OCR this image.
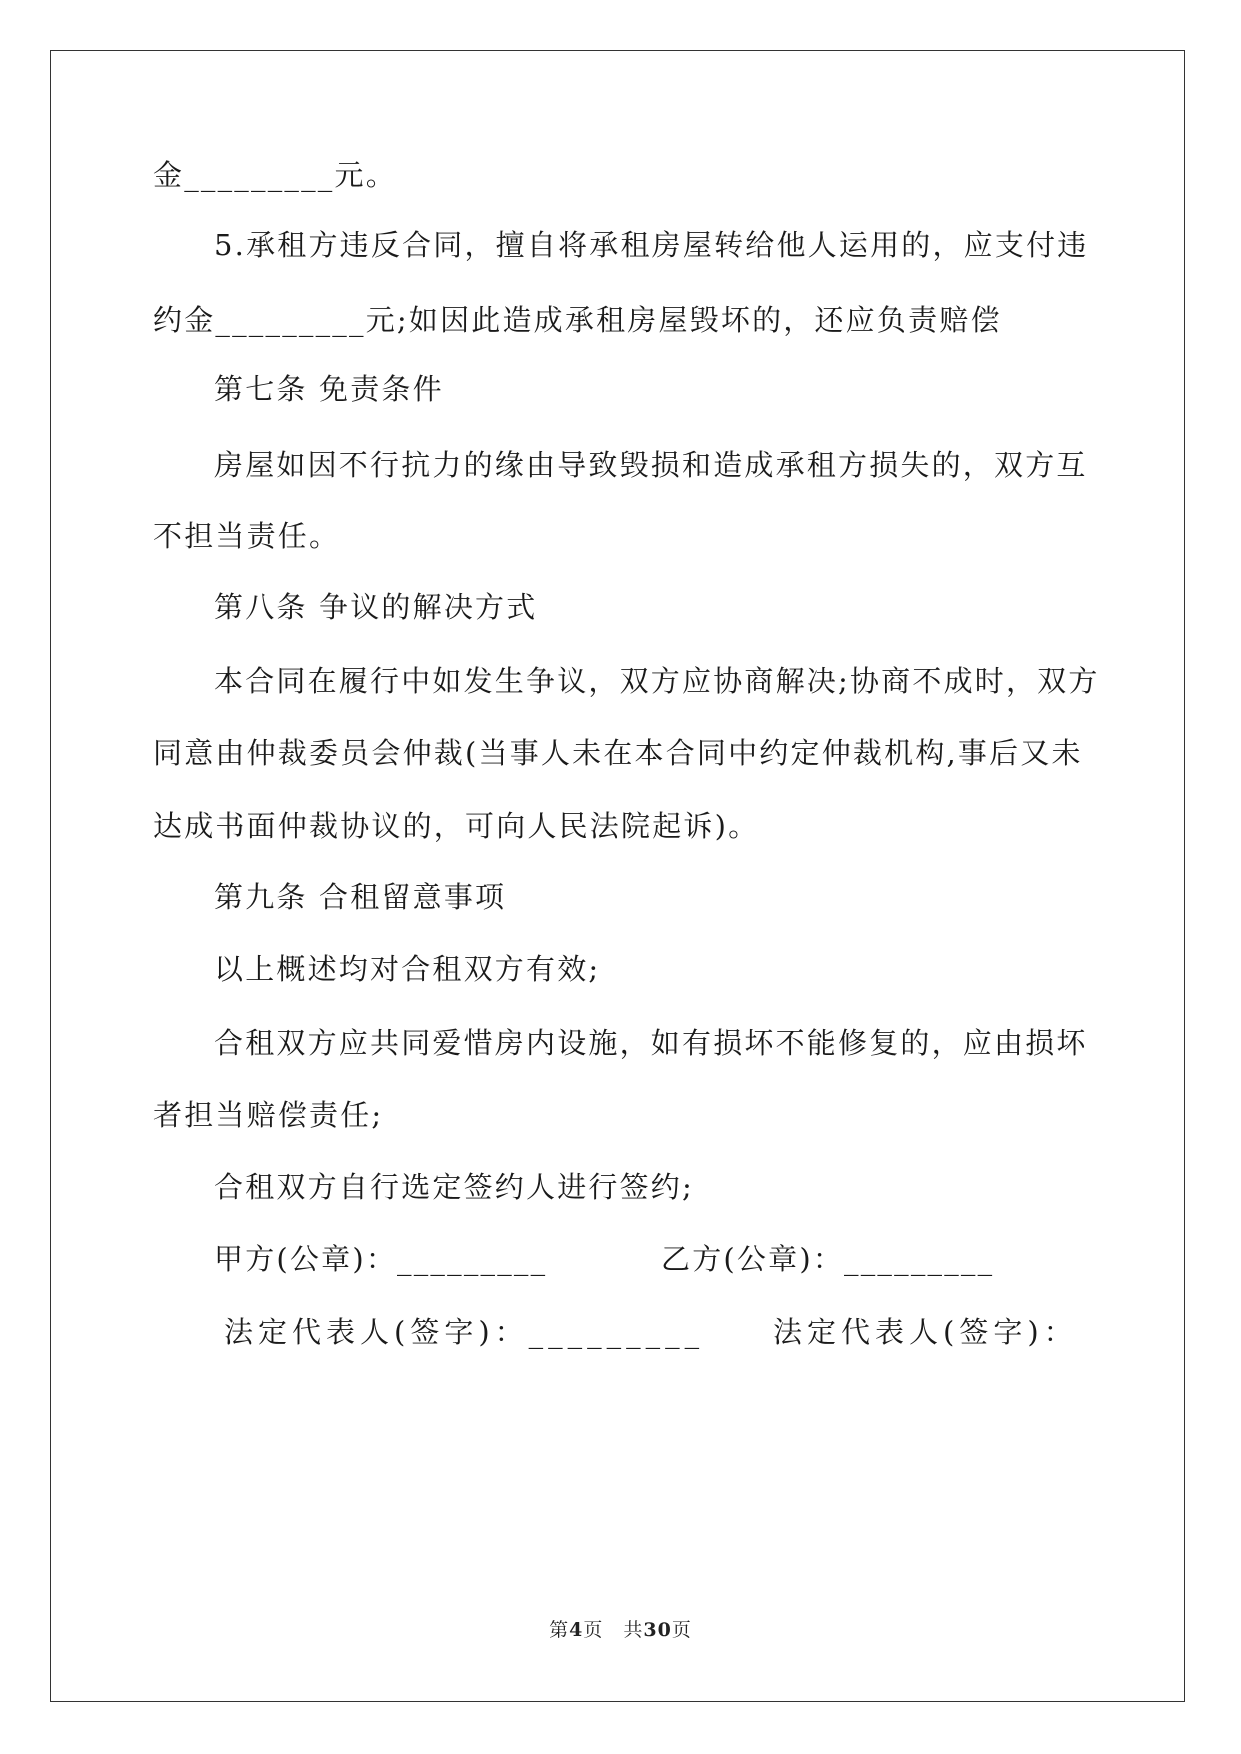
金_________元。
5.承租方违反合同，擅自将承租房屋转给他人运用的，应支付违
约金_________元;如因此造成承租房屋毁坏的，还应负责赔偿
第七条 免责条件
房屋如因不行抗力的缘由导致毁损和造成承租方损失的，双方互
不担当责任。
第八条 争议的解决方式
本合同在履行中如发生争议，双方应协商解决;协商不成时，双方
同意由仲裁委员会仲裁(当事人未在本合同中约定仲裁机构,事后又未
达成书面仲裁协议的，可向人民法院起诉)。
第九条 合租留意事项
以上概述均对合租双方有效;
合租双方应共同爱惜房内设施，如有损坏不能修复的，应由损坏
者担当赔偿责任;
合租双方自行选定签约人进行签约;
甲方(公章)：_________	乙方(公章)：_________
法定代表人(签字)：_________ 法定代表人(签字)：
第4页　共30页
